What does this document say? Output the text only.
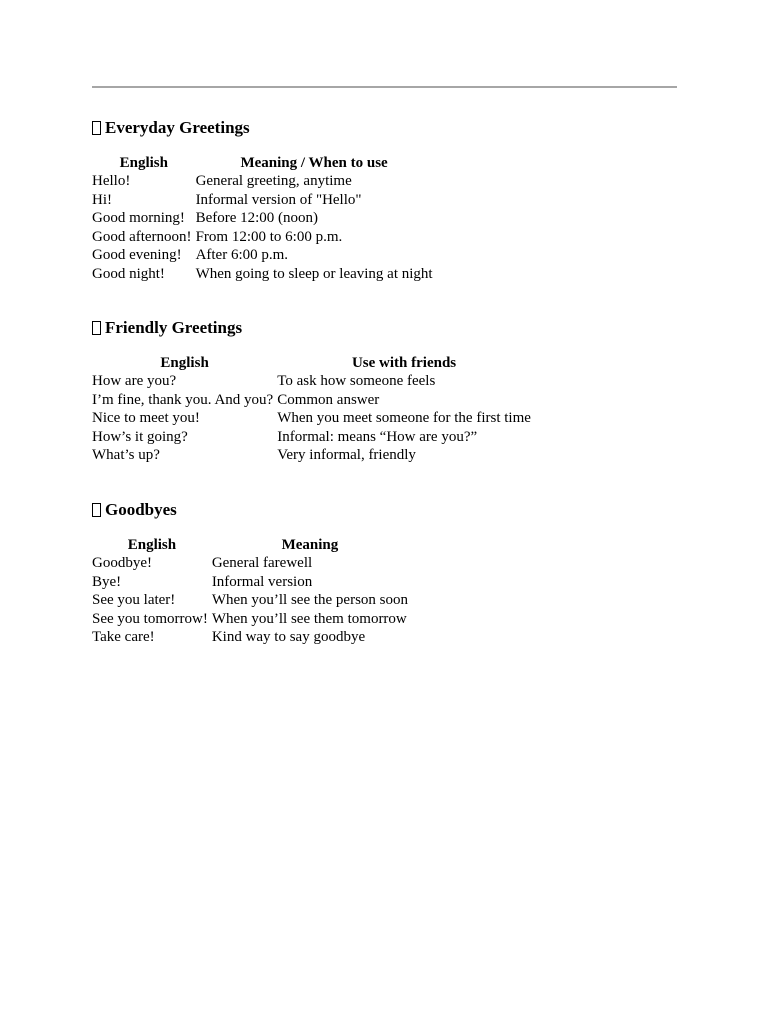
Everyday Greetings
English	Meaning / When to use
Hello!	General greeting, anytime
Hi!	Informal version of "Hello"
Good morning!	Before 12:00 (noon)
Good afternoon!	From 12:00 to 6:00 p.m.
Good evening!	After 6:00 p.m.
Good night!	When going to sleep or leaving at night
Friendly Greetings
English	Use with friends
How are you?	To ask how someone feels
I’m fine, thank you. And you?	Common answer
Nice to meet you!	When you meet someone for the first time
How’s it going?	Informal: means “How are you?”
What’s up?	Very informal, friendly
Goodbyes
English	Meaning
Goodbye!	General farewell
Bye!	Informal version
See you later!	When you’ll see the person soon
See you tomorrow!	When you’ll see them tomorrow
Take care!	Kind way to say goodbye
